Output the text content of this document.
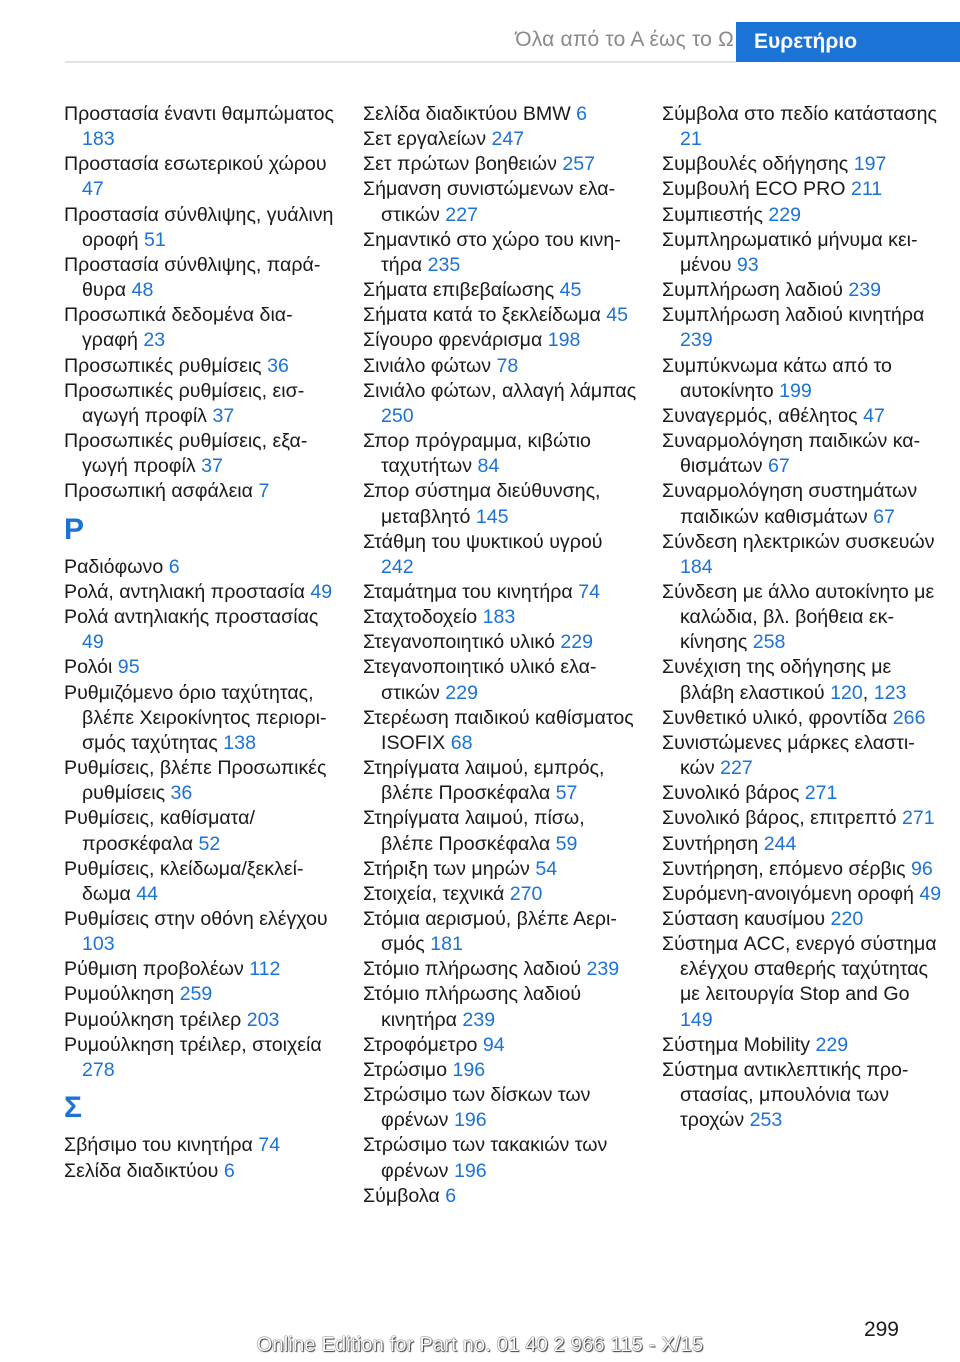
Όλα από το Α έως το Ω Ευρετήριο
Προστασία έναντι θαμπώματος 183
Προστασία εσωτερικού χώρου 47
Προστασία σύνθλιψης, γυάλινη οροφή 51
Προστασία σύνθλιψης, παράθυρα 48
Προσωπικά δεδομένα διαγραφή 23
Προσωπικές ρυθμίσεις 36
Προσωπικές ρυθμίσεις, εισαγωγή προφίλ 37
Προσωπικές ρυθμίσεις, εξαγωγή προφίλ 37
Προσωπική ασφάλεια 7
Ρ
Ραδιόφωνο 6
Ρολά, αντηλιακή προστασία 49
Ρολά αντηλιακής προστασίας 49
Ρολόι 95
Ρυθμιζόμενο όριο ταχύτητας, βλέπε Χειροκίνητος περιορισμός ταχύτητας 138
Ρυθμίσεις, βλέπε Προσωπικές ρυθμίσεις 36
Ρυθμίσεις, καθίσματα/ προσκέφαλα 52
Ρυθμίσεις, κλείδωμα/ξεκλείδωμα 44
Ρυθμίσεις στην οθόνη ελέγχου 103
Ρύθμιση προβολέων 112
Ρυμούλκηση 259
Ρυμούλκηση τρέιλερ 203
Ρυμούλκηση τρέιλερ, στοιχεία 278
Σ
Σβήσιμο του κινητήρα 74
Σελίδα διαδικτύου 6
Σελίδα διαδικτύου BMW 6
Σετ εργαλείων 247
Σετ πρώτων βοηθειών 257
Σήμανση συνιστώμενων ελαστικών 227
Σημαντικό στο χώρο του κινητήρα 235
Σήματα επιβεβαίωσης 45
Σήματα κατά το ξεκλείδωμα 45
Σίγουρο φρενάρισμα 198
Σινιάλο φώτων 78
Σινιάλο φώτων, αλλαγή λάμπας 250
Σπορ πρόγραμμα, κιβώτιο ταχυτήτων 84
Σπορ σύστημα διεύθυνσης, μεταβλητό 145
Στάθμη του ψυκτικού υγρού 242
Σταμάτημα του κινητήρα 74
Σταχτοδοχείο 183
Στεγανοποιητικό υλικό 229
Στεγανοποιητικό υλικό ελαστικών 229
Στερέωση παιδικού καθίσματος ISOFIX 68
Στηρίγματα λαιμού, εμπρός, βλέπε Προσκέφαλα 57
Στηρίγματα λαιμού, πίσω, βλέπε Προσκέφαλα 59
Στήριξη των μηρών 54
Στοιχεία, τεχνικά 270
Στόμια αερισμού, βλέπε Αερισμός 181
Στόμιο πλήρωσης λαδιού 239
Στόμιο πλήρωσης λαδιού κινητήρα 239
Στροφόμετρο 94
Στρώσιμο 196
Στρώσιμο των δίσκων των φρένων 196
Στρώσιμο των τακακιών των φρένων 196
Σύμβολα 6
Σύμβολα στο πεδίο κατάστασης 21
Συμβουλές οδήγησης 197
Συμβουλή ECO PRO 211
Συμπιεστής 229
Συμπληρωματικό μήνυμα κειμένου 93
Συμπλήρωση λαδιού 239
Συμπλήρωση λαδιού κινητήρα 239
Συμπύκνωμα κάτω από το αυτοκίνητο 199
Συναγερμός, αθέλητος 47
Συναρμολόγηση παιδικών καθισμάτων 67
Συναρμολόγηση συστημάτων παιδικών καθισμάτων 67
Σύνδεση ηλεκτρικών συσκευών 184
Σύνδεση με άλλο αυτοκίνητο με καλώδια, βλ. βοήθεια εκκίνησης 258
Συνέχιση της οδήγησης με βλάβη ελαστικού 120, 123
Συνθετικό υλικό, φροντίδα 266
Συνιστώμενες μάρκες ελαστικών 227
Συνολικό βάρος 271
Συνολικό βάρος, επιτρεπτό 271
Συντήρηση 244
Συντήρηση, επόμενο σέρβις 96
Συρόμενη-ανοιγόμενη οροφή 49
Σύσταση καυσίμου 220
Σύστημα ACC, ενεργό σύστημα ελέγχου σταθερής ταχύτητας με λειτουργία Stop and Go 149
Σύστημα Mobility 229
Σύστημα αντικλεπτικής προστασίας, μπουλόνια των τροχών 253
299
Online Edition for Part no. 01 40 2 966 115 - X/15
